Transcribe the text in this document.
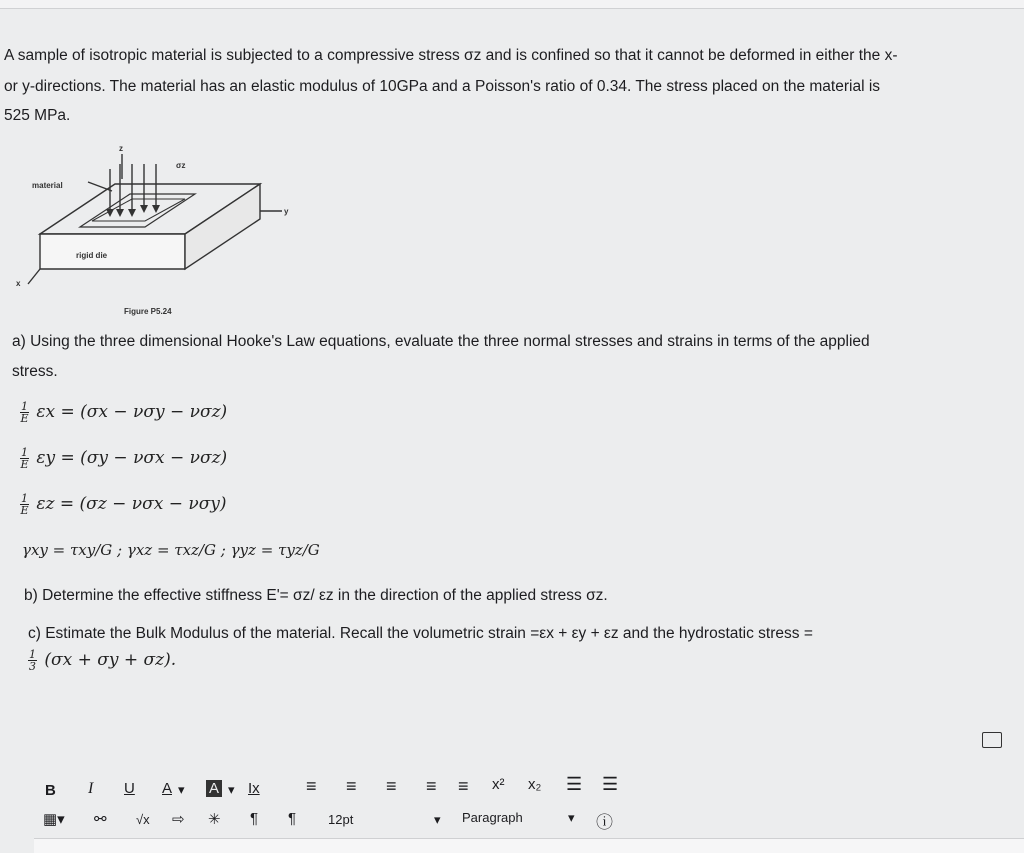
A sample of isotropic material is subjected to a compressive stress σz and is confined so that it cannot be deformed in either the x-
or y-directions. The material has an elastic modulus of 10GPa and a Poisson's ratio of 0.34. The stress placed on the material is
525 MPa.
material
rigid die
z
σz
y
x
Figure P5.24
a) Using the three dimensional Hooke's Law equations, evaluate the three normal stresses and strains in terms of the applied
stress.
$\frac{1}{E}$ εx = (σx − νσy − νσz)
$\frac{1}{E}$ εy = (σy − νσx − νσz)
$\frac{1}{E}$ εz = (σz − νσx − νσy)
γxy = τxy/G ; γxz = τxz/G ; γyz = τyz/G
b) Determine the effective stiffness E'= σz/ εz in the direction of the applied stress σz.
c) Estimate the Bulk Modulus of the material. Recall the volumetric strain =εx + εy + εz and the hydrostatic stress =
$\frac{1}{3} (\sigma x + \sigma y + \sigma z)$.
B I U A ▾ A ▾ Ix	≡ ≡ ≡ ≡ ≡ x² x₂ ☰ ☰
▦▾ ⚯ √x ⇨ ✳ ¶ ¶ 12pt	▾ Paragraph	▾ ⓘ
